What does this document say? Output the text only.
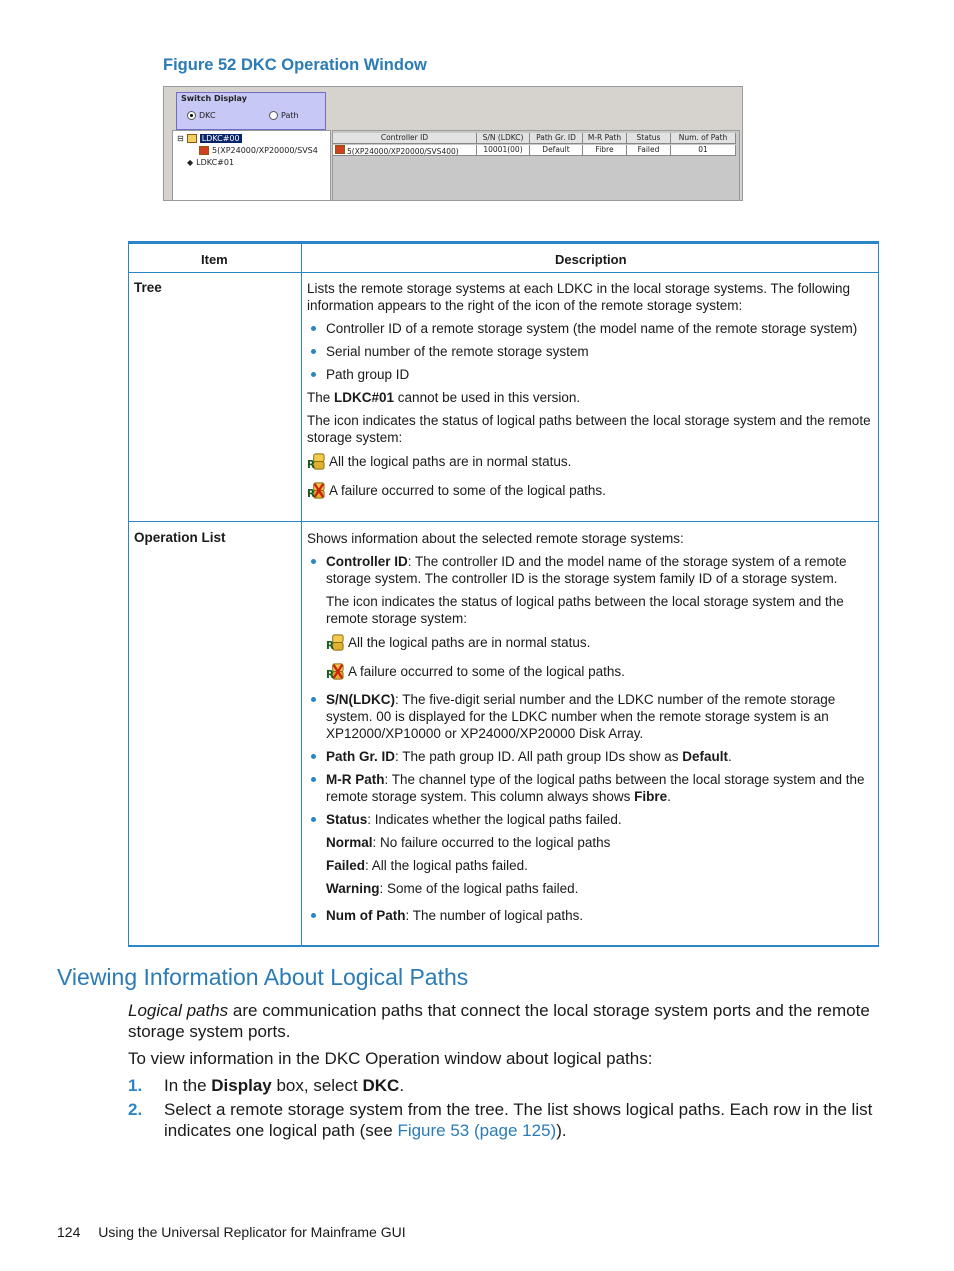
Figure 52 DKC Operation Window
Switch Display
DKC	Path
⊟ LDKC#00
5(XP24000/XP20000/SVS4
◆ LDKC#01
Controller ID	S/N (LDKC)	Path Gr. ID	M-R Path	Status	Num. of Path
5(XP24000/XP20000/SVS400)	10001(00)	Default	Fibre	Failed	01
Item	Description
Tree	Lists the remote storage systems at each LDKC in the local storage systems. The following information appears to the right of the icon of the remote storage system:

Controller ID of a remote storage system (the model name of the remote storage system)
Serial number of the remote storage system
Path group ID

The LDKC#01 cannot be used in this version.

The icon indicates the status of logical paths between the local storage system and the remote storage system:

All the logical paths are in normal status.
A failure occurred to some of the logical paths.
Operation List	Shows information about the selected remote storage systems:

Controller ID: The controller ID and the model name of the storage system of a remote storage system. The controller ID is the storage system family ID of a storage system.

The icon indicates the status of logical paths between the local storage system and the remote storage system:

All the logical paths are in normal status.
A failure occurred to some of the logical paths.
S/N(LDKC): The five-digit serial number and the LDKC number of the remote storage system. 00 is displayed for the LDKC number when the remote storage system is an XP12000/XP10000 or XP24000/XP20000 Disk Array.
Path Gr. ID: The path group ID. All path group IDs show as Default.
M-R Path: The channel type of the logical paths between the local storage system and the remote storage system. This column always shows Fibre.
Status: Indicates whether the logical paths failed.

Normal: No failure occurred to the logical paths

Failed: All the logical paths failed.

Warning: Some of the logical paths failed.

Num of Path: The number of logical paths.
Viewing Information About Logical Paths
Logical paths are communication paths that connect the local storage system ports and the remote storage system ports.
To view information in the DKC Operation window about logical paths:
1. In the Display box, select DKC.
2. Select a remote storage system from the tree. The list shows logical paths. Each row in the list indicates one logical path (see Figure 53 (page 125)).
124 Using the Universal Replicator for Mainframe GUI
